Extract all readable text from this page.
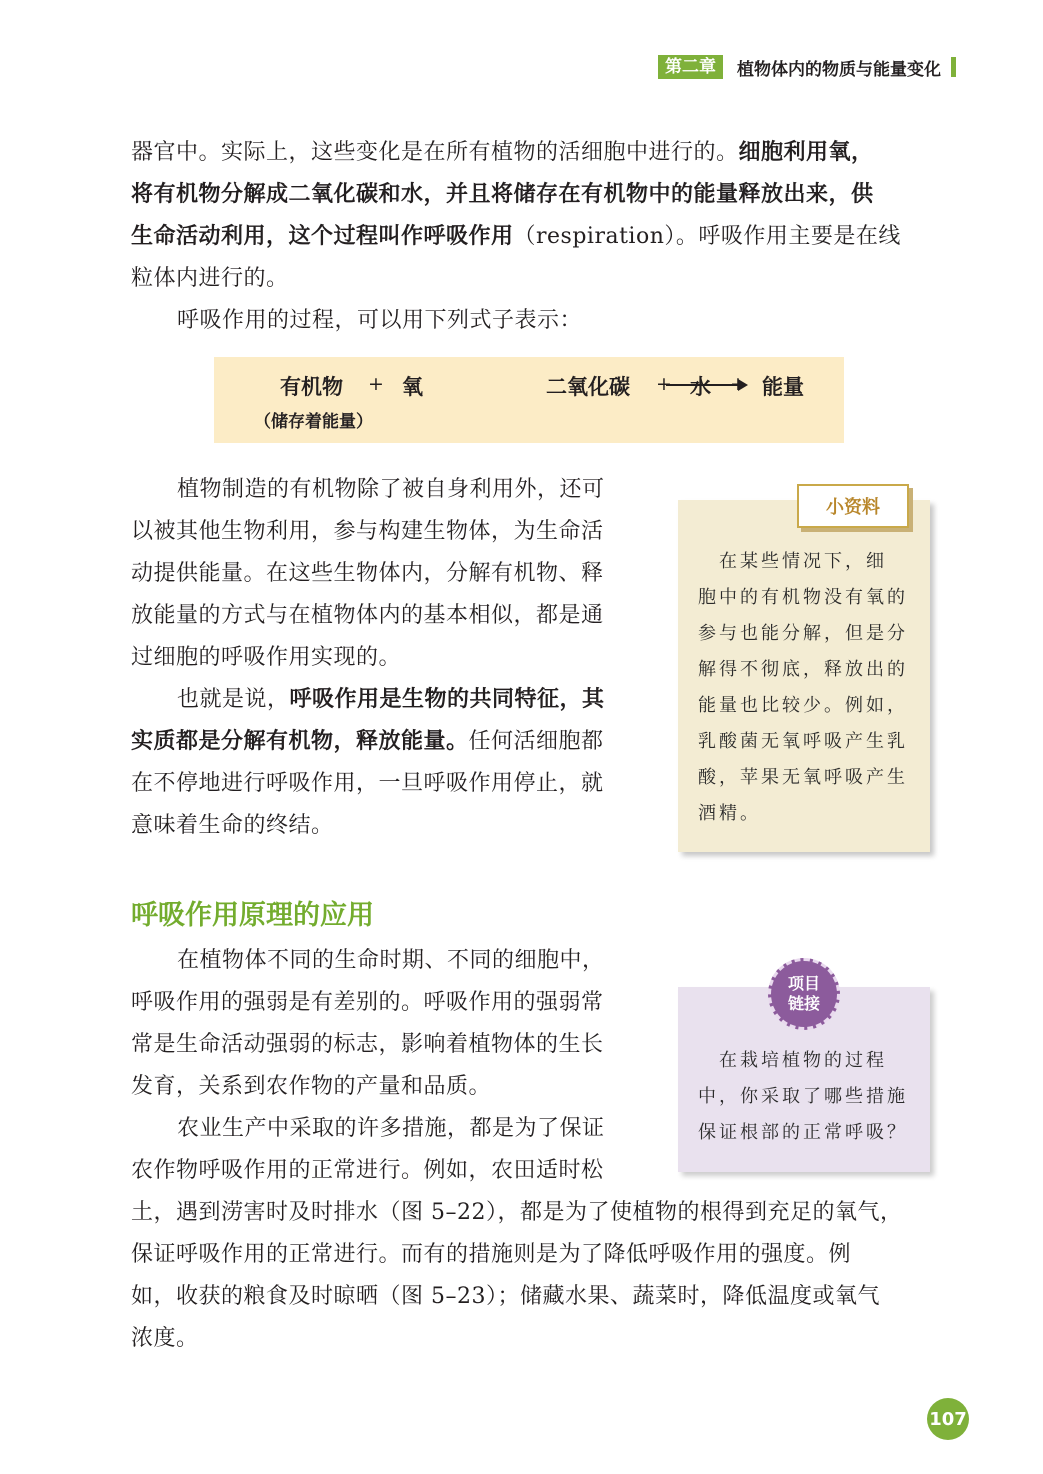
第二章	植物体内的物质与能量变化
器官中。实际上，这些变化是在所有植物的活细胞中进行的。细胞利用氧，
将有机物分解成二氧化碳和水，并且将储存在有机物中的能量释放出来，供
生命活动利用，这个过程叫作呼吸作用（respiration）。呼吸作用主要是在线
粒体内进行的。
呼吸作用的过程，可以用下列式子表示：
有机物 + 氧	二氧化碳 + 水 + 能量
（储存着能量）
植物制造的有机物除了被自身利用外，还可
以被其他生物利用，参与构建生物体，为生命活
动提供能量。在这些生物体内，分解有机物、释
放能量的方式与在植物体内的基本相似，都是通
过细胞的呼吸作用实现的。
也就是说，呼吸作用是生物的共同特征，其
实质都是分解有机物，释放能量。任何活细胞都
在不停地进行呼吸作用，一旦呼吸作用停止，就
意味着生命的终结。
小资料
　在某些情况下，细
胞中的有机物没有氧的
参与也能分解，但是分
解得不彻底，释放出的
能量也比较少。例如，
乳酸菌无氧呼吸产生乳
酸，苹果无氧呼吸产生
酒精。
呼吸作用原理的应用
在植物体不同的生命时期、不同的细胞中，
呼吸作用的强弱是有差别的。呼吸作用的强弱常
常是生命活动强弱的标志，影响着植物体的生长
发育，关系到农作物的产量和品质。
农业生产中采取的许多措施，都是为了保证
农作物呼吸作用的正常进行。例如，农田适时松
土，遇到涝害时及时排水（图 5–22），都是为了使植物的根得到充足的氧气，
保证呼吸作用的正常进行。而有的措施则是为了降低呼吸作用的强度。例
如，收获的粮食及时晾晒（图 5–23）；储藏水果、蔬菜时，降低温度或氧气
浓度。
　在栽培植物的过程
中，你采取了哪些措施
保证根部的正常呼吸？
项目
链接
107
